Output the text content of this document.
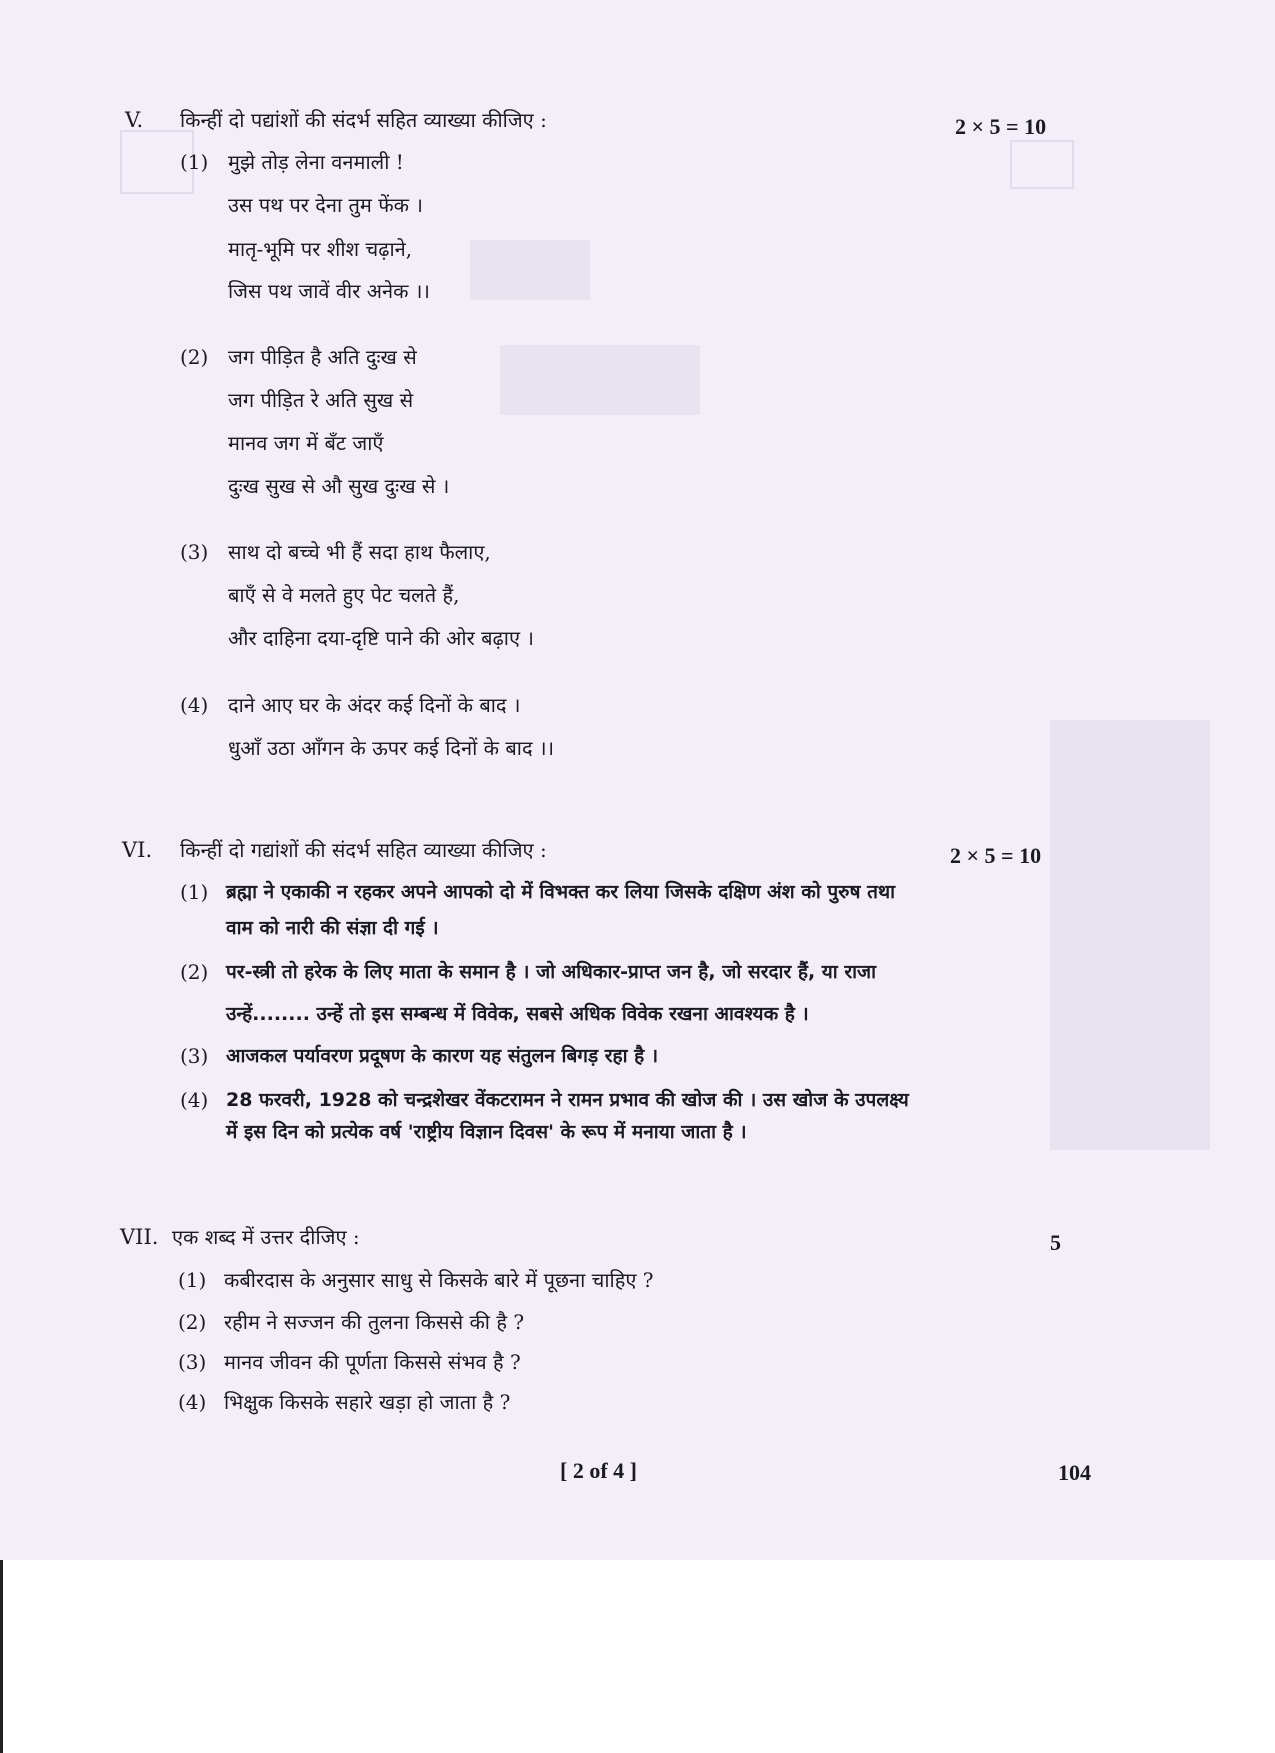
V. किन्हीं दो पद्यांशों की संदर्भ सहित व्याख्या कीजिए :	2 × 5 = 10
(1) मुझे तोड़ लेना वनमाली !
उस पथ पर देना तुम फेंक ।
मातृ-भूमि पर शीश चढ़ाने,
जिस पथ जावें वीर अनेक ।।
(2) जग पीड़ित है अति दुःख से
जग पीड़ित रे अति सुख से
मानव जग में बँट जाएँ
दुःख सुख से औ सुख दुःख से ।
(3) साथ दो बच्चे भी हैं सदा हाथ फैलाए,
बाएँ से वे मलते हुए पेट चलते हैं,
और दाहिना दया-दृष्टि पाने की ओर बढ़ाए ।
(4) दाने आए घर के अंदर कई दिनों के बाद ।
धुआँ उठा आँगन के ऊपर कई दिनों के बाद ।।
VI. किन्हीं दो गद्यांशों की संदर्भ सहित व्याख्या कीजिए :	2 × 5 = 10
(1) ब्रह्मा ने एकाकी न रहकर अपने आपको दो में विभक्त कर लिया जिसके दक्षिण अंश को पुरुष तथा
वाम को नारी की संज्ञा दी गई ।
(2) पर-स्त्री तो हरेक के लिए माता के समान है । जो अधिकार-प्राप्त जन है, जो सरदार हैं, या राजा
उन्हें........ उन्हें तो इस सम्बन्ध में विवेक, सबसे अधिक विवेक रखना आवश्यक है ।
(3) आजकल पर्यावरण प्रदूषण के कारण यह संतुलन बिगड़ रहा है ।
(4) 28 फरवरी, 1928 को चन्द्रशेखर वेंकटरामन ने रामन प्रभाव की खोज की । उस खोज के उपलक्ष्य
में इस दिन को प्रत्येक वर्ष 'राष्ट्रीय विज्ञान दिवस' के रूप में मनाया जाता है ।
VII. एक शब्द में उत्तर दीजिए :	5
(1) कबीरदास के अनुसार साधु से किसके बारे में पूछना चाहिए ?
(2) रहीम ने सज्जन की तुलना किससे की है ?
(3) मानव जीवन की पूर्णता किससे संभव है ?
(4) भिक्षुक किसके सहारे खड़ा हो जाता है ?
[ 2 of 4 ]	104
